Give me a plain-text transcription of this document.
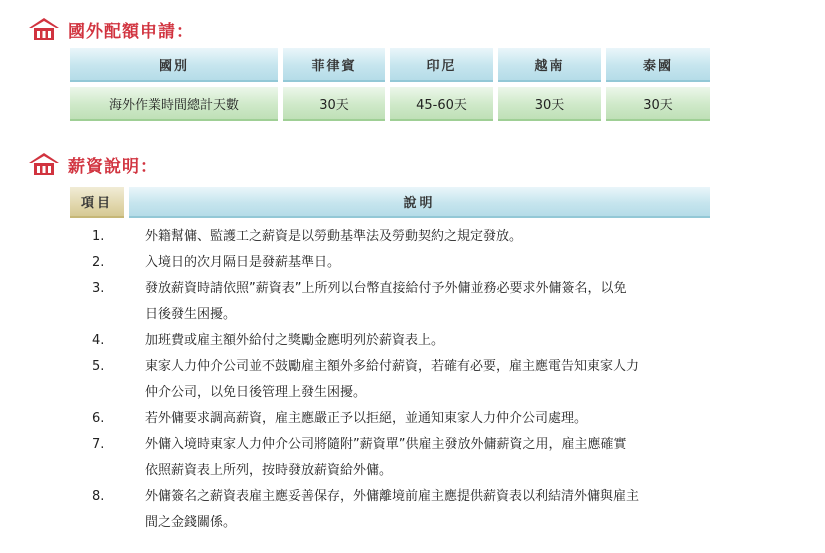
國外配額申請：
國別	菲律賓	印尼	越南	泰國
海外作業時間總計天數	30天	45-60天	30天	30天
薪資說明：
項目	說明
1.	外籍幫傭、監護工之薪資是以勞動基準法及勞動契約之規定發放。
2.	入境日的次月隔日是發薪基準日。
3.	發放薪資時請依照”薪資表”上所列以台幣直接給付予外傭並務必要求外傭簽名，以免
日後發生困擾。
4.	加班費或雇主額外給付之獎勵金應明列於薪資表上。
5.	東家人力仲介公司並不鼓勵雇主額外多給付薪資，若確有必要，雇主應電告知東家人力
仲介公司，以免日後管理上發生困擾。
6.	若外傭要求調高薪資，雇主應嚴正予以拒絕，並通知東家人力仲介公司處理。
7.	外傭入境時東家人力仲介公司將隨附”薪資單”供雇主發放外傭薪資之用，雇主應確實
依照薪資表上所列，按時發放薪資給外傭。
8.	外傭簽名之薪資表雇主應妥善保存，外傭離境前雇主應提供薪資表以利結清外傭與雇主
間之金錢關係。
